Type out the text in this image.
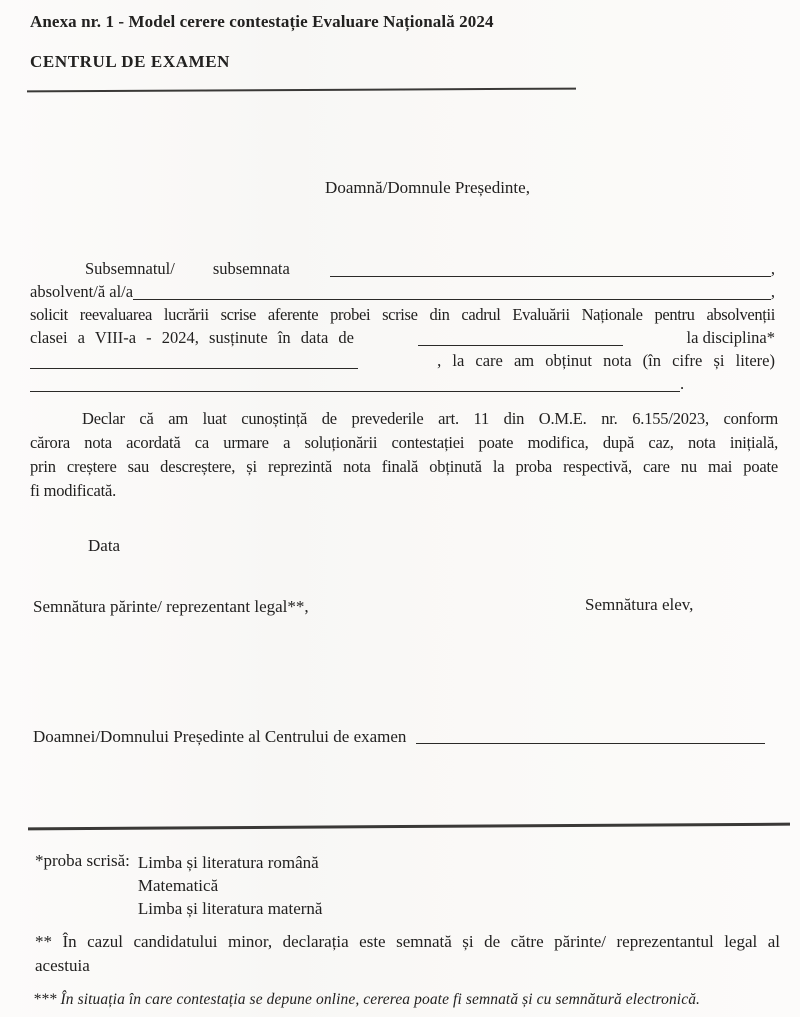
Anexa nr. 1 - Model cerere contestație Evaluare Națională 2024
CENTRUL DE EXAMEN
Doamnă/Domnule Președinte,
Subsemnatul/ subsemnata	,
absolvent/ă al/a	,
solicit reevaluarea lucrării scrise aferente probei scrise din cadrul Evaluării Naționale pentru absolvenții
clasei a VIII-a - 2024, susținute în data de	la disciplina*
, la care am obținut nota (în cifre și litere)
.
Declar că am luat cunoștință de prevederile art. 11 din O.M.E. nr. 6.155/2023, conform
cărora nota acordată ca urmare a soluționării contestației poate modifica, după caz, nota inițială,
prin creștere sau descreștere, și reprezintă nota finală obținută la proba respectivă, care nu mai poate
fi modificată.
Data
Semnătura părinte/ reprezentant legal**,	Semnătura elev,
Doamnei/Domnului Președinte al Centrului de examen
*proba scrisă: Limba și literatura română
Matematică
Limba și literatura maternă
** În cazul candidatului minor, declarația este semnată și de către părinte/ reprezentantul legal al
acestuia
*** În situația în care contestația se depune online, cererea poate fi semnată și cu semnătură electronică.
